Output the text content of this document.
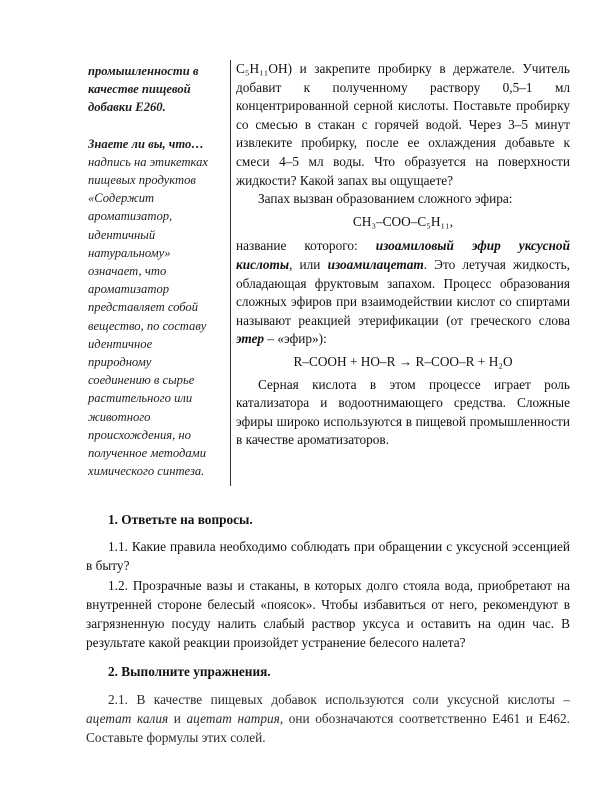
промышленности в

качестве пищевой

добавки Е260.

Знаете ли вы, что…

надпись на этикетках

пищевых продуктов

«Содержит

ароматизатор,

идентичный

натуральному»

означает, что

ароматизатор

представляет собой

вещество, по составу

идентичное

природному

соединению в сырье

растительного или

животного

происхождения, но

полученное методами

химического синтеза.

C₅H₁₁OH) и закрепите пробирку в держателе. Учитель добавит к полученному раствору 0,5–1 мл концентрированной серной кислоты. Поставьте пробирку со смесью в стакан с горячей водой. Через 3–5 минут извлеките пробирку, после ее охлаждения добавьте к смеси 4–5 мл воды. Что образуется на поверхности жидкости? Какой запах вы ощущаете?

Запах вызван образованием сложного эфира:

CH₃–COO–C₅H₁₁,

название которого: изоамиловый эфир уксусной кислоты, или изоамилацетат. Это летучая жидкость, обладающая фруктовым запахом. Процесс образования сложных эфиров при взаимодействии кислот со спиртами называют реакцией этерификации (от греческого слова этер – «эфир»):

R–COOH + HO–R → R–COO–R + H₂O

Серная кислота в этом процессе играет роль катализатора и водоотнимающего средства. Сложные эфиры широко используются в пищевой промышленности в качестве ароматизаторов.

1. Ответьте на вопросы.

1.1. Какие правила необходимо соблюдать при обращении с уксусной эссенцией в быту?

1.2. Прозрачные вазы и стаканы, в которых долго стояла вода, приобретают на внутренней стороне белесый «поясок». Чтобы избавиться от него, рекомендуют в загрязненную посуду налить слабый раствор уксуса и оставить на один час. В результате какой реакции произойдет устранение белесого налета?

2. Выполните упражнения.

2.1. В качестве пищевых добавок используются соли уксусной кислоты – ацетат калия и ацетат натрия, они обозначаются соответственно Е461 и Е462. Составьте формулы этих солей.
